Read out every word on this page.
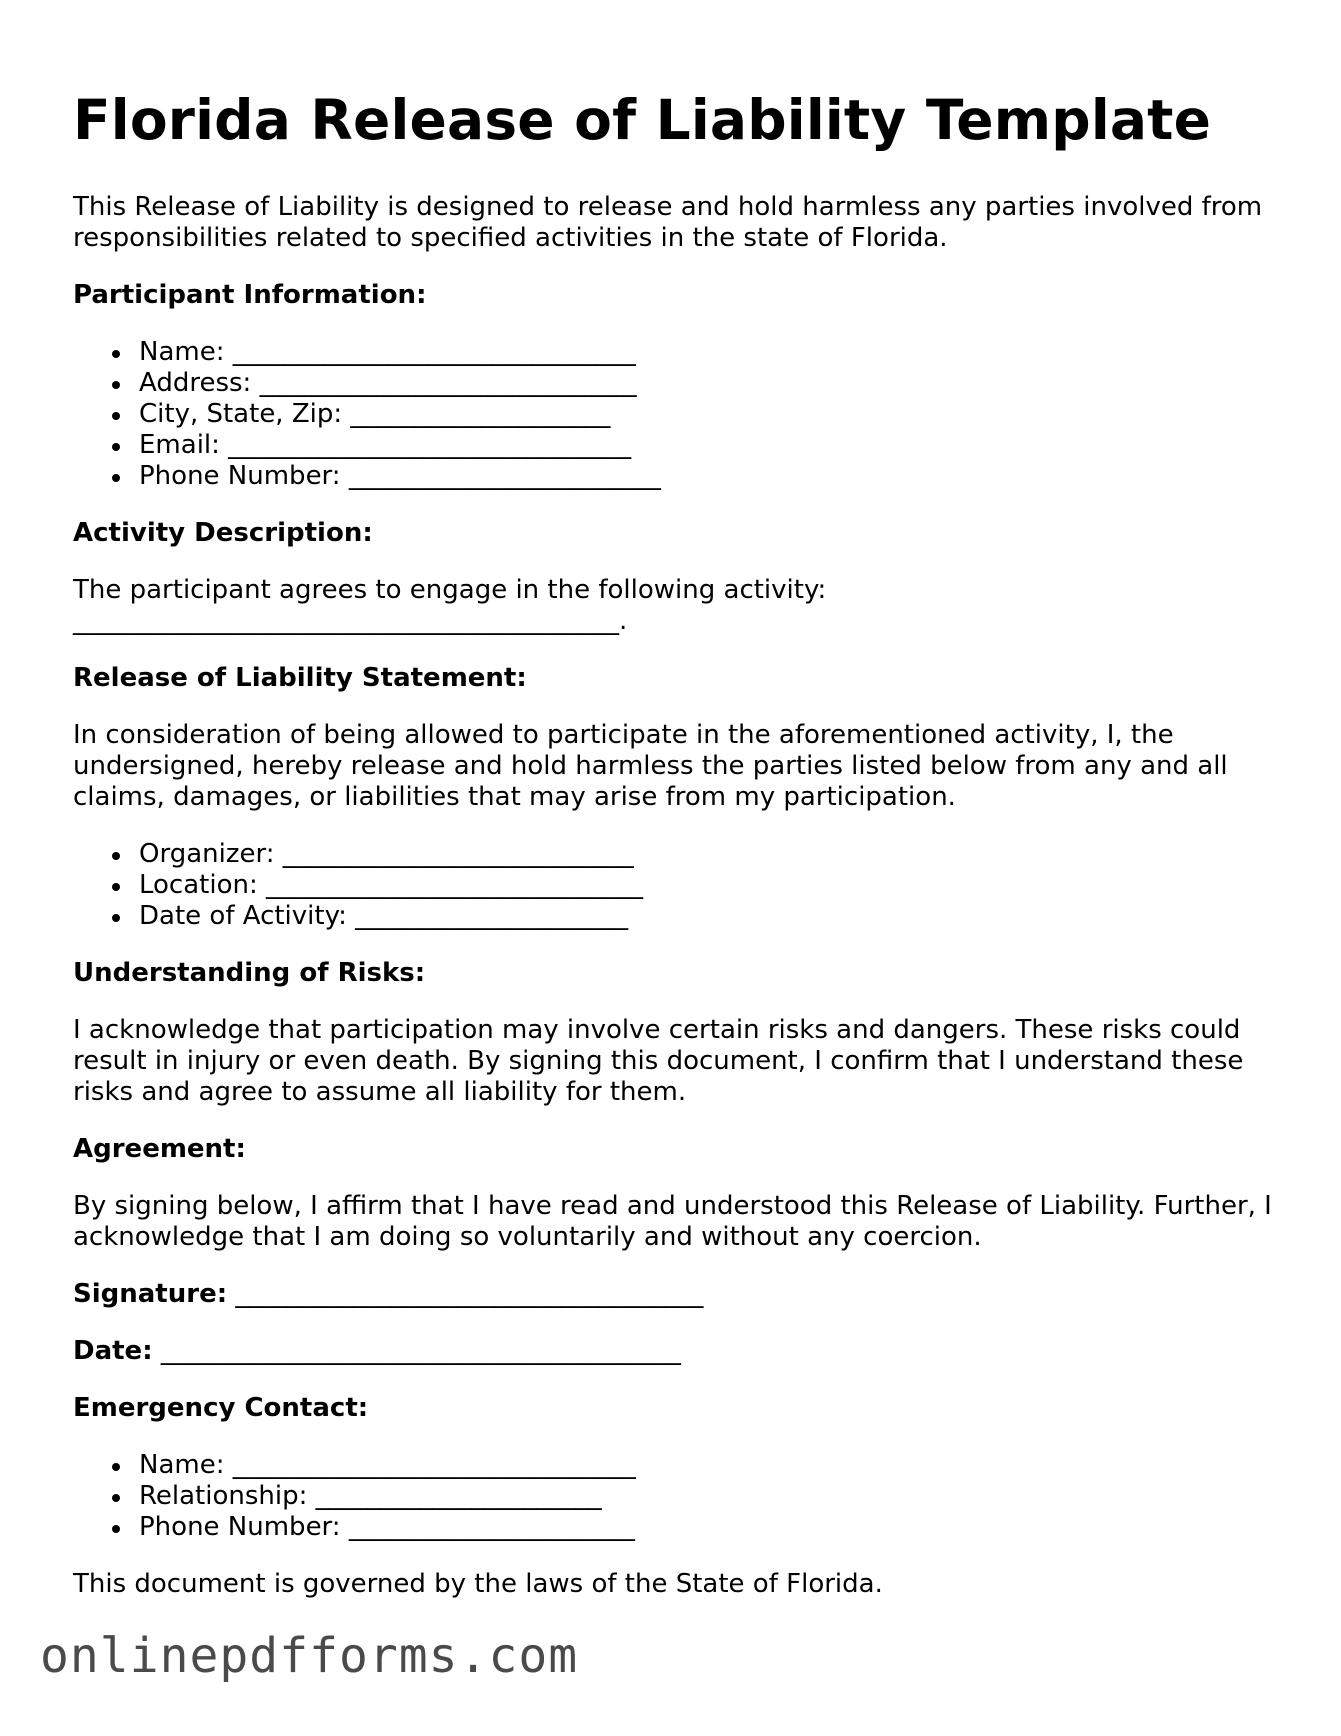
Florida Release of Liability Template

This Release of Liability is designed to release and hold harmless any parties involved from responsibilities related to specified activities in the state of Florida.

Participant Information:
Name: _______________________________
Address: _____________________________
City, State, Zip: ____________________
Email: _______________________________
Phone Number: ________________________
Activity Description:

The participant agrees to engage in the following activity: __________________________________________.

Release of Liability Statement:

In consideration of being allowed to participate in the aforementioned activity, I, the undersigned, hereby release and hold harmless the parties listed below from any and all claims, damages, or liabilities that may arise from my participation.

Organizer: ___________________________
Location: _____________________________
Date of Activity: _____________________
Understanding of Risks:

I acknowledge that participation may involve certain risks and dangers. These risks could result in injury or even death. By signing this document, I confirm that I understand these risks and agree to assume all liability for them.

Agreement:

By signing below, I affirm that I have read and understood this Release of Liability. Further, I acknowledge that I am doing so voluntarily and without any coercion.

Signature: ____________________________________
Date: ________________________________________
Emergency Contact:
Name: _______________________________
Relationship: ______________________
Phone Number: ______________________

This document is governed by the laws of the State of Florida.

onlinepdfforms.com
